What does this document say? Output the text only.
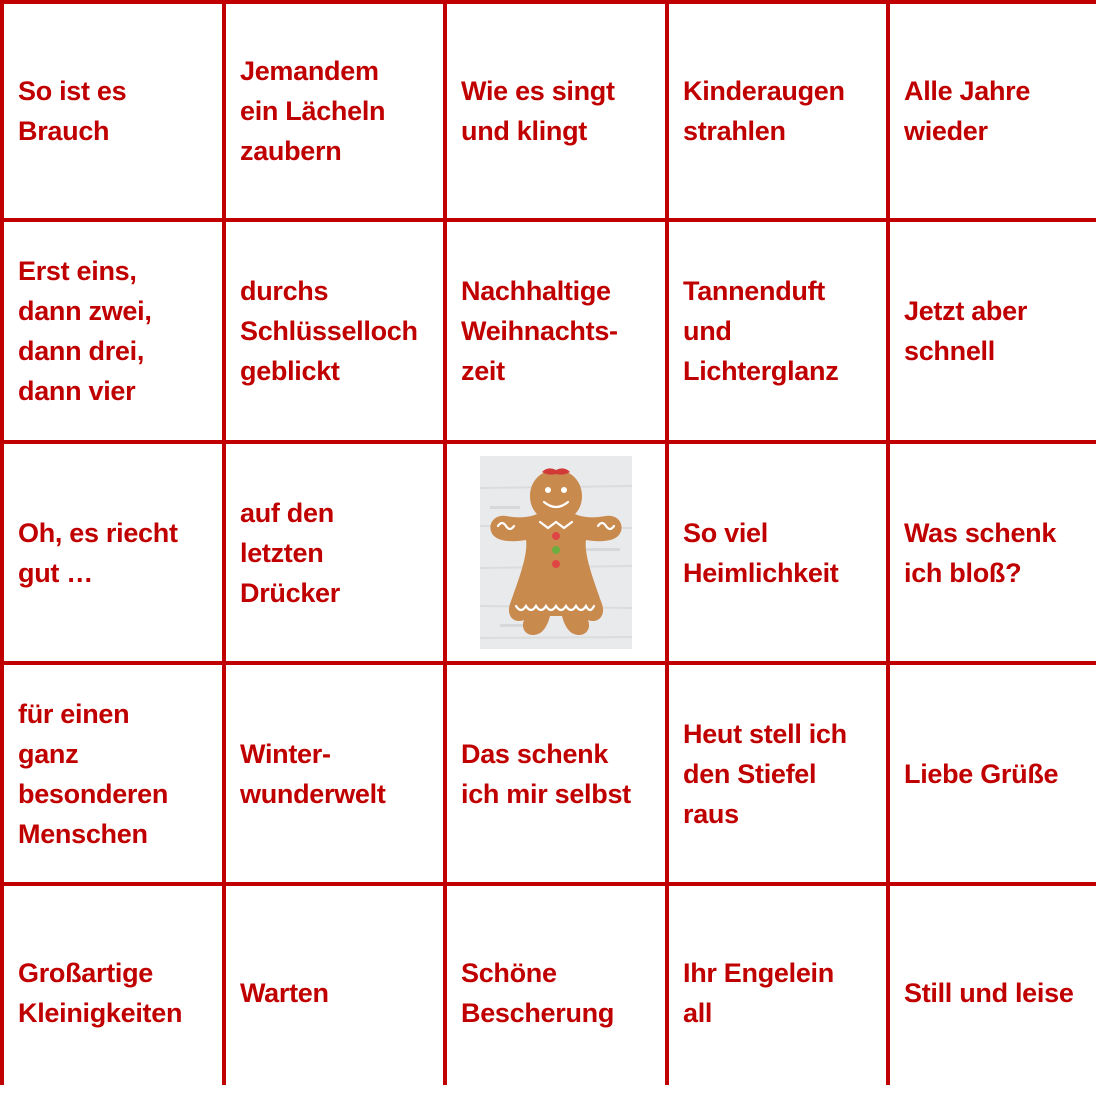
So ist es
Brauch
Jemandem
ein Lächeln
zaubern
Wie es singt
und klingt
Kinderaugen
strahlen
Alle Jahre
wieder
Erst eins,
dann zwei,
dann drei,
dann vier
durchs
Schlüsselloch
geblickt
Nachhaltige
Weihnachts-
zeit
Tannenduft
und
Lichterglanz
Jetzt aber
schnell
Oh, es riecht
gut …
auf den
letzten
Drücker
So viel
Heimlichkeit
Was schenk
ich bloß?
für einen
ganz
besonderen
Menschen
Winter-
wunderwelt
Das schenk
ich mir selbst
Heut stell ich
den Stiefel
raus
Liebe Grüße
Großartige
Kleinigkeiten
Warten
Schöne
Bescherung
Ihr Engelein
all
Still und leise
